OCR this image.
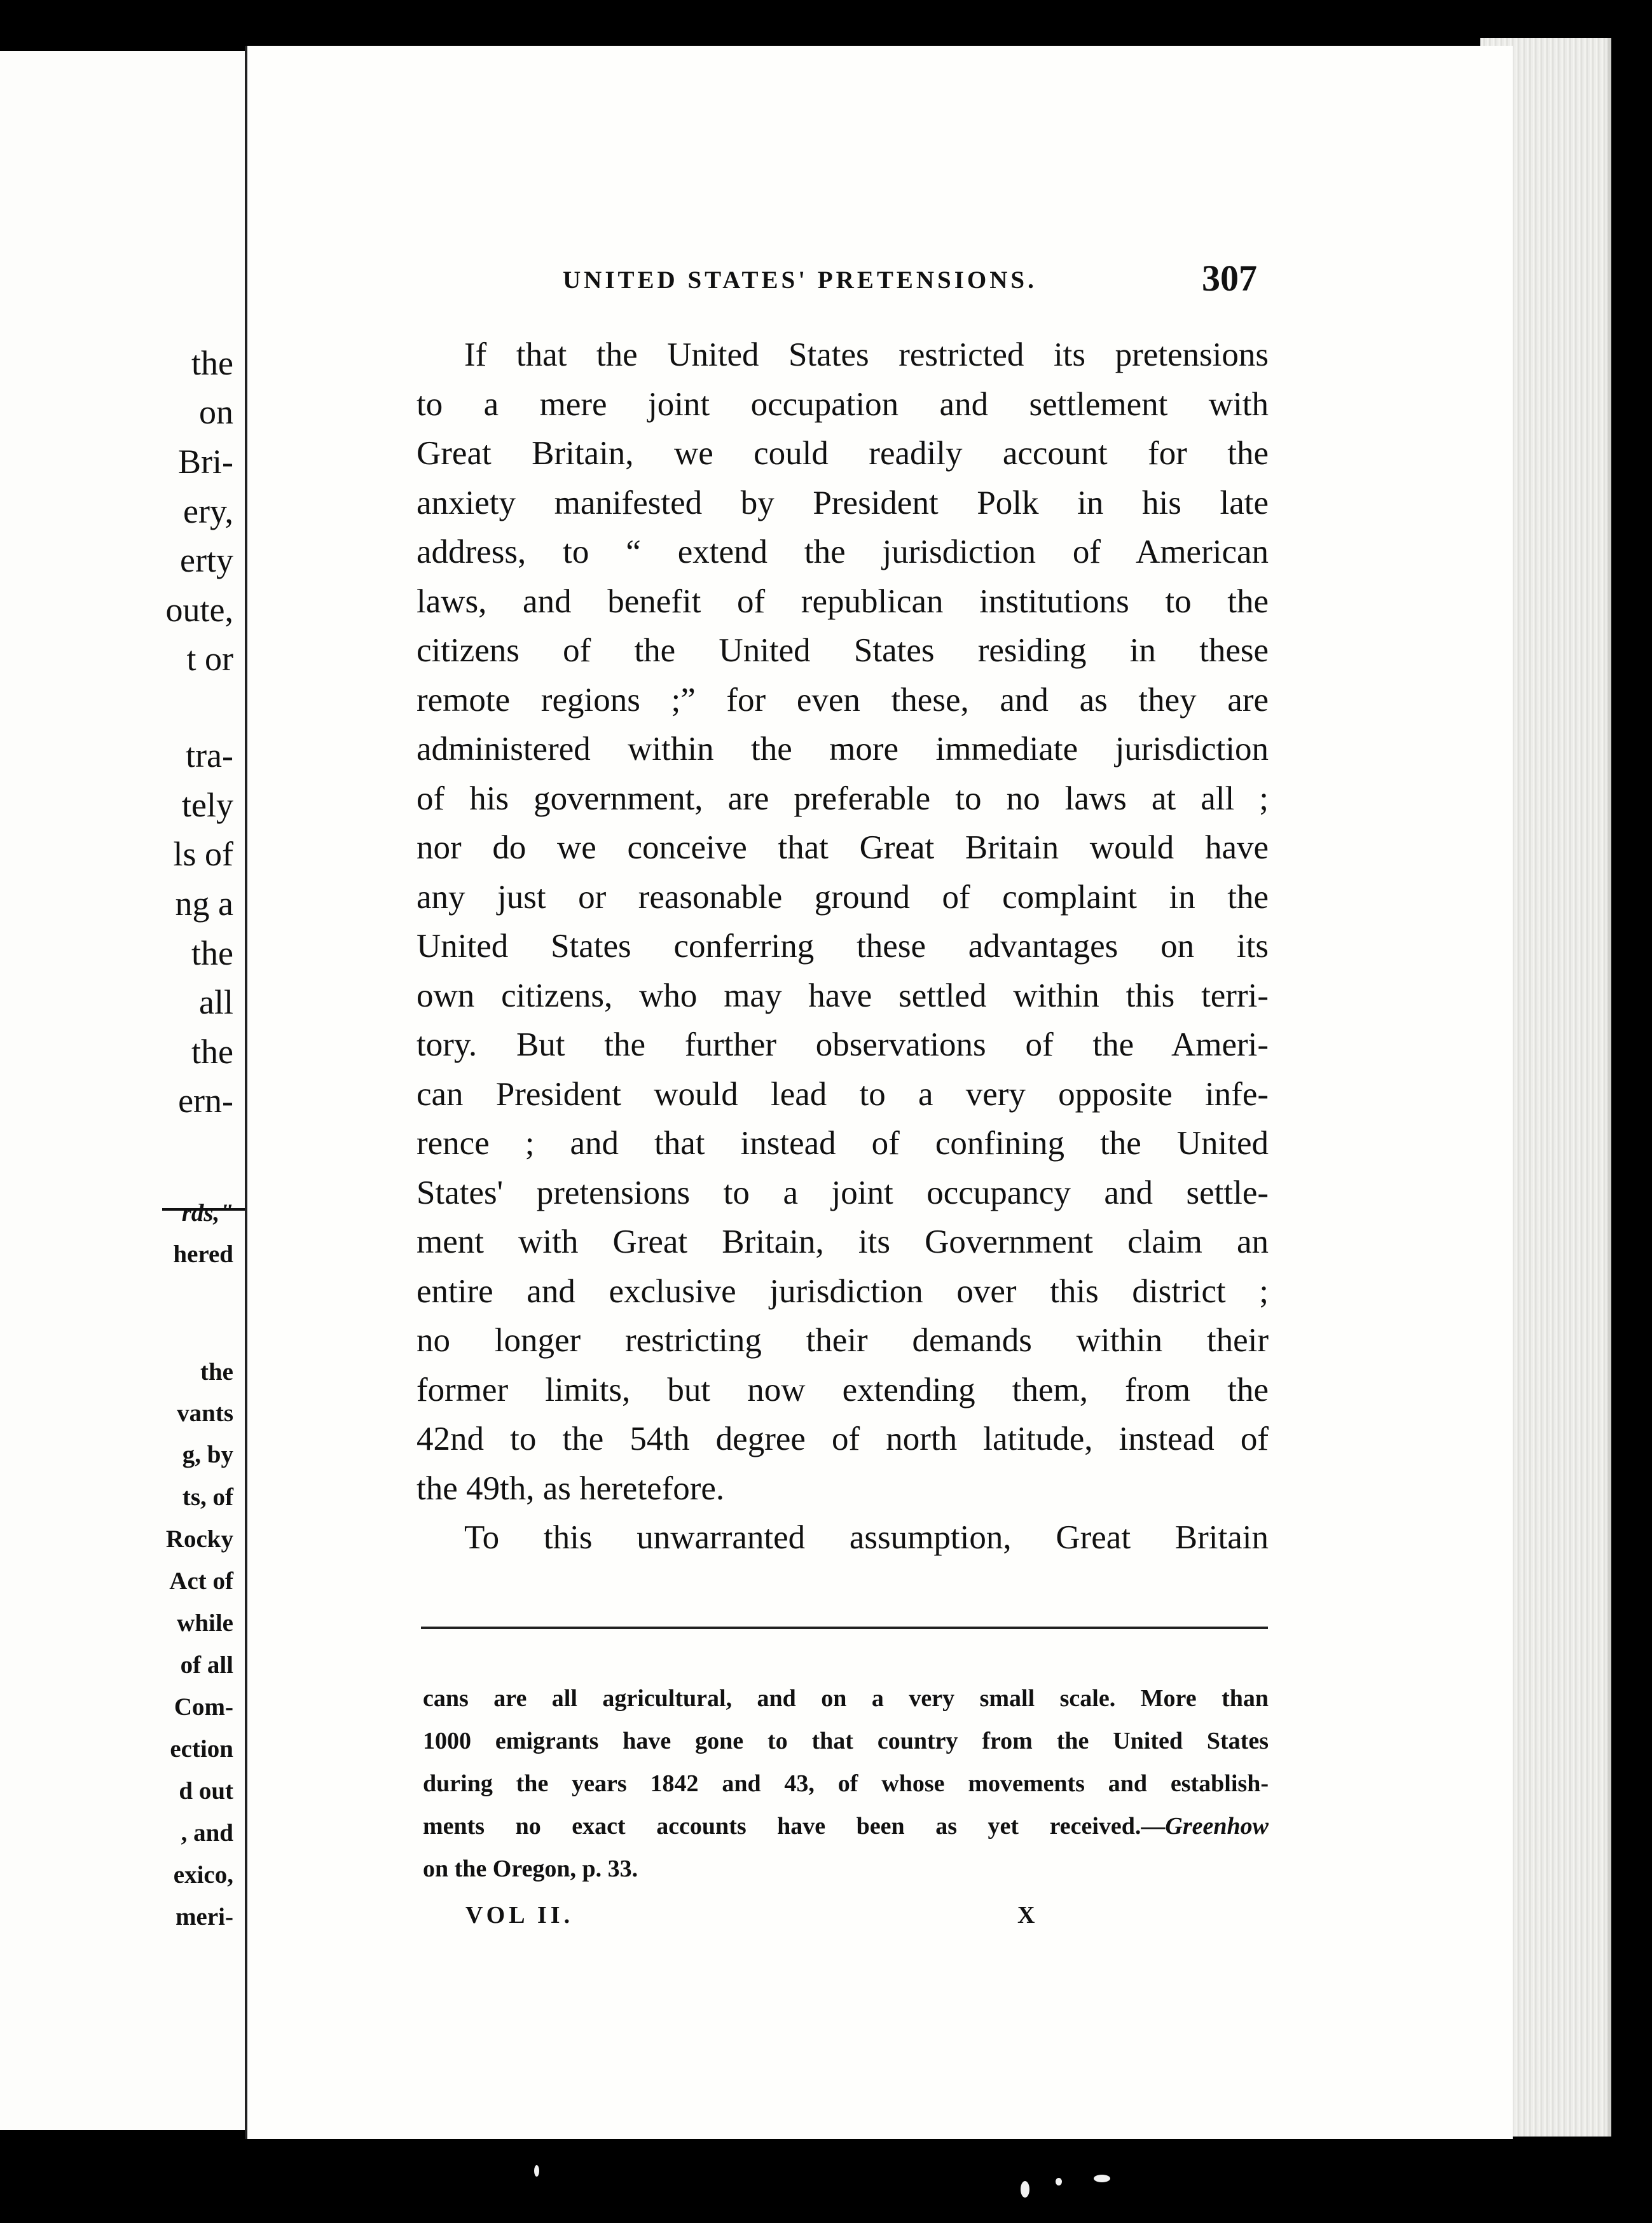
the
on
Bri-
ery,
erty
oute,
t or
tra-
tely
ls of
ng a
the
all
the
ern-
rds,"
hered
the
vants
g, by
ts, of
Rocky
Act of
while
of all
Com-
ection
d out
, and
exico,
meri-
UNITED STATES' PRETENSIONS.	307
If that the United States restricted its pretensions
to a mere joint occupation and settlement with
Great Britain, we could readily account for the
anxiety manifested by President Polk in his late
address, to “ extend the jurisdiction of American
laws, and benefit of republican institutions to the
citizens of the United States residing in these
remote regions ;” for even these, and as they are
administered within the more immediate jurisdiction
of his government, are preferable to no laws at all ;
nor do we conceive that Great Britain would have
any just or reasonable ground of complaint in the
United States conferring these advantages on its
own citizens, who may have settled within this terri-
tory. But the further observations of the Ameri-
can President would lead to a very opposite infe-
rence ; and that instead of confining the United
States' pretensions to a joint occupancy and settle-
ment with Great Britain, its Government claim an
entire and exclusive jurisdiction over this district ;
no longer restricting their demands within their
former limits, but now extending them, from the
42nd to the 54th degree of north latitude, instead of
the 49th, as heretefore.
To this unwarranted assumption, Great Britain
cans are all agricultural, and on a very small scale. More than
1000 emigrants have gone to that country from the United States
during the years 1842 and 43, of whose movements and establish-
ments no exact accounts have been as yet received.—Greenhow
on the Oregon, p. 33.
VOL II.	X
